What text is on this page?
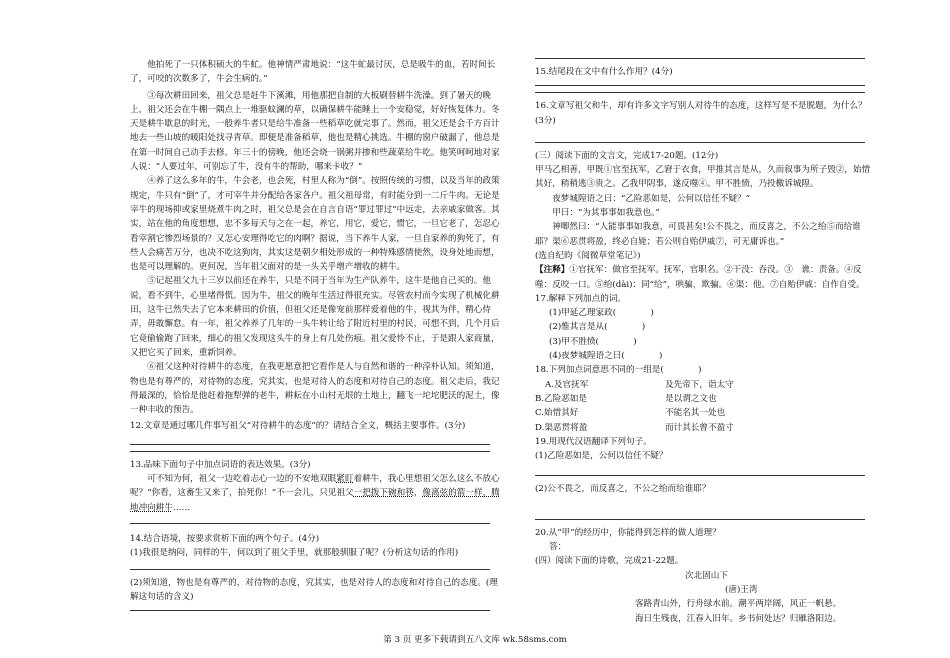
他拍死了一只体积硕大的牛虻。他神情严肃地说：“这牛虻最讨厌，总是吸牛的血，若时间长了，可咬的次数多了，牛会生病的。”

③每次耕田回来，祖父总是赶牛下溪滩，用他那把自制的大板刷替耕牛洗澡。到了暑天的晚上，祖父还会在牛棚一隅点上一堆驱蚊澜的草，以确保耕牛能睡上一个安稳觉，好好恢复体力。冬天是耕牛歇息的时光，一般养牛者只是给牛准备一些稻草吃就完事了。然而，祖父还是会千方百计地去一些山坡的暖阳处找寻青草。即便是准备稻草，他也是精心挑选。牛棚的窗户破漏了，他总是在第一时间自己动手去修。年三十的傍晚，他还会烧一锅粥并掺和些蔬菜给牛吃。他笑呵呵地对家人说：“人要过年，可别忘了牛，没有牛的帮助，哪来卡收？”

④养了这么多年的牛，牛会老，也会死，村里人称为“倒”。按照传统的习惯，以及当年的政策规定，牛只有“倒”了，才可宰牛并分配给各家各户。祖父祖母常，有时能分到一二斤牛肉。无论是宰牛的现场抑或家里烧煮牛肉之时，祖父总是会在自言自语“罪过罪过”中远走，去亲戚家做客。其实，站在他的角度想想，忠不多每天与之在一起，养它，用它，爱它，惯它，一旦它老了，怎忍心看宰割它惨烈场景的？又怎心安理得吃它的肉啊？据说，当下养牛人家，一旦自家养的狗死了，有些人会痛苦万分，也决不吃这狗肉，其实这是朝夕相处形成的一种特殊感情使然，设身处地而想，也是可以理解的。更何况，当年祖父面对的是一头关乎增产增收的耕牛。

⑤记起祖父九十三岁以前还在养牛，只是不同于当年为生产队养牛，这牛是他自己买的。他说，看不到牛，心里堵得慌。因为牛，祖父的晚年生活过得很充实。尽管农村而今实现了机械化耕田，这牛已然失去了它本来耕田的价值，但祖父还是像宠前那样爱着他的牛，视其为伴，精心侍弄，毋敢懈怠。有一年，祖父养养了几年的一头牛转让给了附近村里的村民，可想不到，几个月后它竟偷偷跑了回来，细心的祖父发现这头牛的身上有几处伤痕。祖父爱怜不止，于是跟人家商量，又把它买了回来，重新饲养。

⑥祖父这种对待耕牛的态度，在我更愿意把它看作是人与自然和谐的一种淳朴认知。须知道，物也是有尊严的，对待物的态度，究其实，也是对待人的态度和对待自己的态度。祖父走后，我记得最深的，恰恰是他赶着拖犁弹的老牛，耕耘在小山村无垠的土地上，翻飞一坨坨肥沃的泥土，像一种丰收的预告。

12.文章是通过哪几件事写祖父“对待耕牛的态度”的？请结合全文，概括主要事件。(3分)

13.品味下面句子中加点词语的表达效果。(3分)

可不知为何，祖父一边吃着忐心一边的不安地双眼紧盯着耕牛，我心里想祖父怎么这么不放心呢？“你看，这畜生又来了，拍死你！”不一会儿，只见祖父一把拨下碗和筷，像离弦的箭一样，腾地冲向耕牛……

14.结合语境，按要求赏析下面的两个句子。(4分)

(1)我很是纳闷，同样的牛，何以到了祖父手里，就那般驯服了呢？(分析这句话的作用)

(2)须知道，物也是有尊严的，对待物的态度，究其实，也是对待人的态度和对待自己的态度。(理解这句话的含义)

15.结尾段在文中有什么作用？(4分)

16.文章写祖父和牛，却有许多文字写别人对待牛的态度，这样写是不是脱题，为什么？(3分)

(三）阅读下面的文言文，完成17-20题。(12分)

甲马乙相善，甲既①官至抚军，乙窘于衣食，甲推其言是从，久而叙事为所子毁②，始惜其好，稍稍逃③贵之。乙我甲阴事，遂反噬④。甲不胜愤，乃投檄诉城隍。

夜梦城隍语之曰：“乙险恶如是，公何以信任不疑？”

甲曰：“为其事事如我意也。”

神唧然曰：“人能事事如我意，可畏甚矣!公不畏之，而反喜之，不公之绐⑤而给谁耶？渠⑥恶贯将盈，终必自毙；若公则自贻伊戚⑦，可无庸诉也。”

(选自纪昀《阅微草堂笔记》)

【注释】①官抚军：做官至抚军。抚军，官职名。②干没：吞没。③　谯：责备。④反噬：反咬一口。⑤绐(dài)：同“给”，哄骗，欺骗。⑥渠：他。⑦自贻伊戚：自作自受。

17.解释下列加点的词。

(1)甲延乙理家政(　　　　)

(2)惟其言是从(　　　　)

(3)甲不胜愤(　　　　)

(4)夜梦城隍语之曰(　　　　)

18.下列加点词意思不同的一组是(　　　　)

A.及官抚军	及先帝下，诣太守

B.乙险恶如是	是以谓之文也

C.始惜其好	不能名其一处也

D.渠恶贯将盈	而计其长曾不盈寸

19.用现代汉语翻译下列句子。

(1)乙险恶如是，公何以信任不疑？

(2)公不畏之，而反喜之，不公之绐而给谁耶？

20.从“甲”的经历中，你能得到怎样的做人道理？

答：

(四）阅读下面的诗歌，完成21-22题。

次北固山下

(唐)王湾

客路青山外，行舟绿水前。潮平两岸阔，风正一帆悬。

海日生残夜，江春入旧年。乡书何处达？归雁洛阳边。

第 3 页 更多下载请到五八文库 wk.58sms.com
